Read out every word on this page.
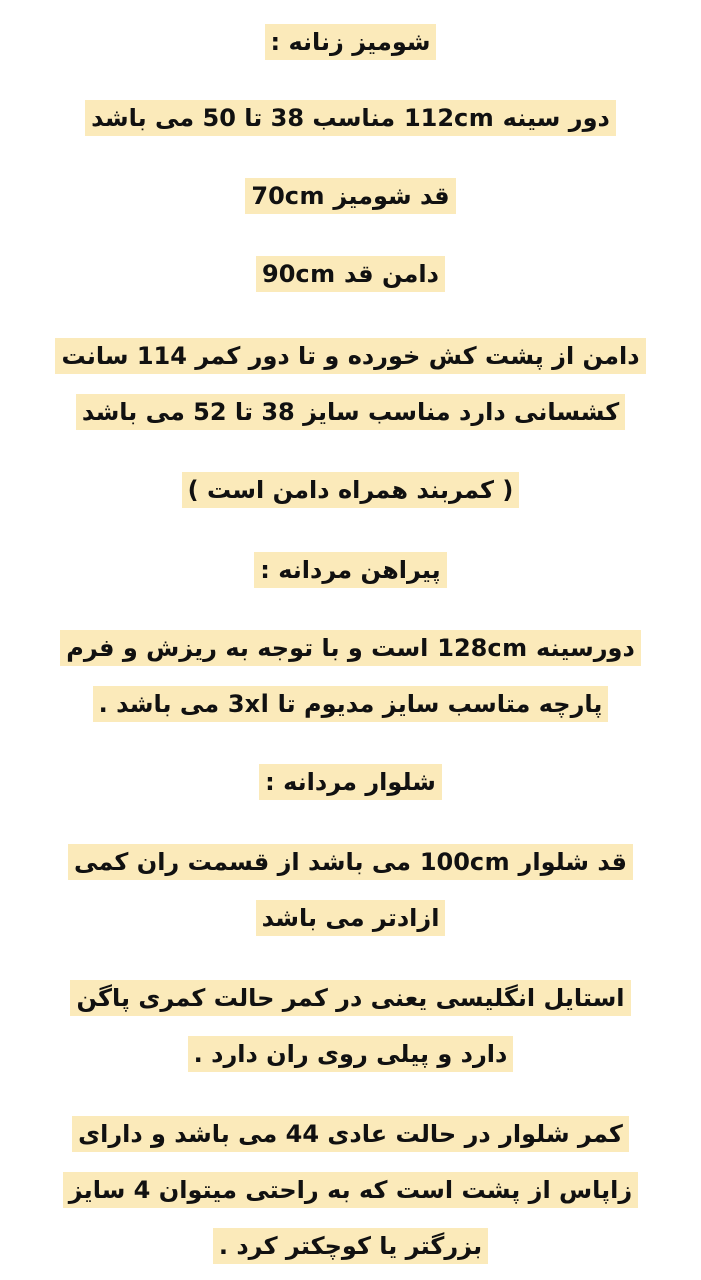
شومیز زنانه :
دور سینه 112cm مناسب 38 تا 50 می باشد
قد شومیز 70cm
دامن قد 90cm
دامن از پشت کش خورده و تا دور کمر 114 سانت
کشسانی دارد مناسب سایز 38 تا 52 می باشد
( کمربند همراه دامن است )
پیراهن مردانه :
دورسینه 128cm است و با توجه به ریزش و فرم
پارچه متاسب سایز مدیوم تا 3xl می باشد .
شلوار مردانه :
قد شلوار 100cm می باشد از قسمت ران کمی
ازادتر می باشد
استایل انگلیسی یعنی در کمر حالت کمری پاگن
دارد و پیلی روی ران دارد .
کمر شلوار در حالت عادی 44 می باشد و دارای
زاپاس از پشت است که به راحتی میتوان 4 سایز
بزرگتر یا کوچکتر کرد .
